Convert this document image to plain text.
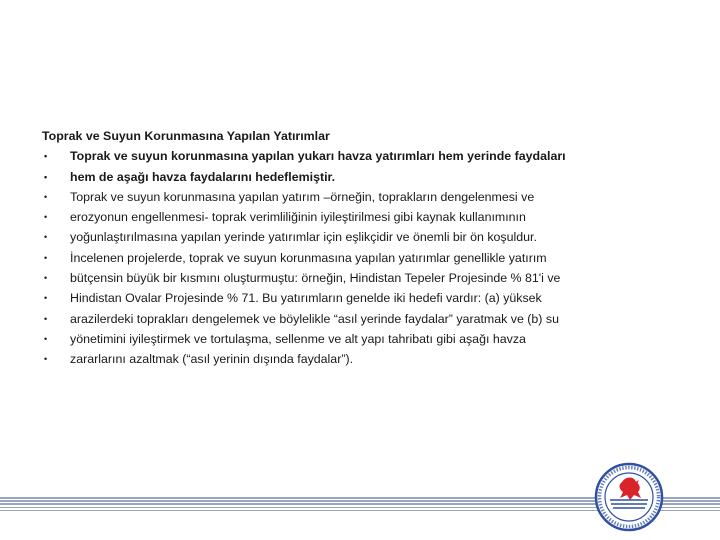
Toprak ve Suyun Korunmasına Yapılan Yatırımlar
• Toprak ve suyun korunmasına yapılan yukarı havza yatırımları hem yerinde faydaları
• hem de aşağı havza faydalarını hedeflemiştir.
• Toprak ve suyun korunmasına yapılan yatırım –örneğin, toprakların dengelenmesi ve
• erozyonun engellenmesi- toprak verimliliğinin iyileştirilmesi gibi kaynak kullanımının
• yoğunlaştırılmasına yapılan yerinde yatırımlar için eşlikçidir ve önemli bir ön koşuldur.
• İncelenen projelerde, toprak ve suyun korunmasına yapılan yatırımlar genellikle yatırım
• bütçensin büyük bir kısmını oluşturmuştu: örneğin, Hindistan Tepeler Projesinde % 81'i ve
• Hindistan Ovalar Projesinde % 71. Bu yatırımların genelde iki hedefi vardır: (a) yüksek
• arazilerdeki toprakları dengelemek ve böylelikle “asıl yerinde faydalar” yaratmak ve (b) su
• yönetimini iyileştirmek ve tortulaşma, sellenme ve alt yapı tahribatı gibi aşağı havza
• zararlarını azaltmak (“asıl yerinin dışında faydalar”).
